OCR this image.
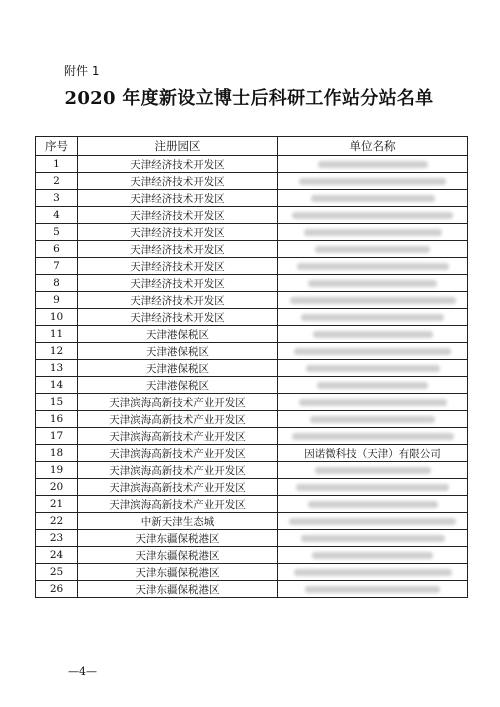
附件 1
2020 年度新设立博士后科研工作站分站名单
序号	注册园区	单位名称
1	天津经济技术开发区	
2	天津经济技术开发区	
3	天津经济技术开发区	
4	天津经济技术开发区	
5	天津经济技术开发区	
6	天津经济技术开发区	
7	天津经济技术开发区	
8	天津经济技术开发区	
9	天津经济技术开发区	
10	天津经济技术开发区	
11	天津港保税区	
12	天津港保税区	
13	天津港保税区	
14	天津港保税区	
15	天津滨海高新技术产业开发区	
16	天津滨海高新技术产业开发区	
17	天津滨海高新技术产业开发区	
18	天津滨海高新技术产业开发区	因诺微科技（天津）有限公司
19	天津滨海高新技术产业开发区	
20	天津滨海高新技术产业开发区	
21	天津滨海高新技术产业开发区	
22	中新天津生态城	
23	天津东疆保税港区	
24	天津东疆保税港区	
25	天津东疆保税港区	
26	天津东疆保税港区	
—4—
